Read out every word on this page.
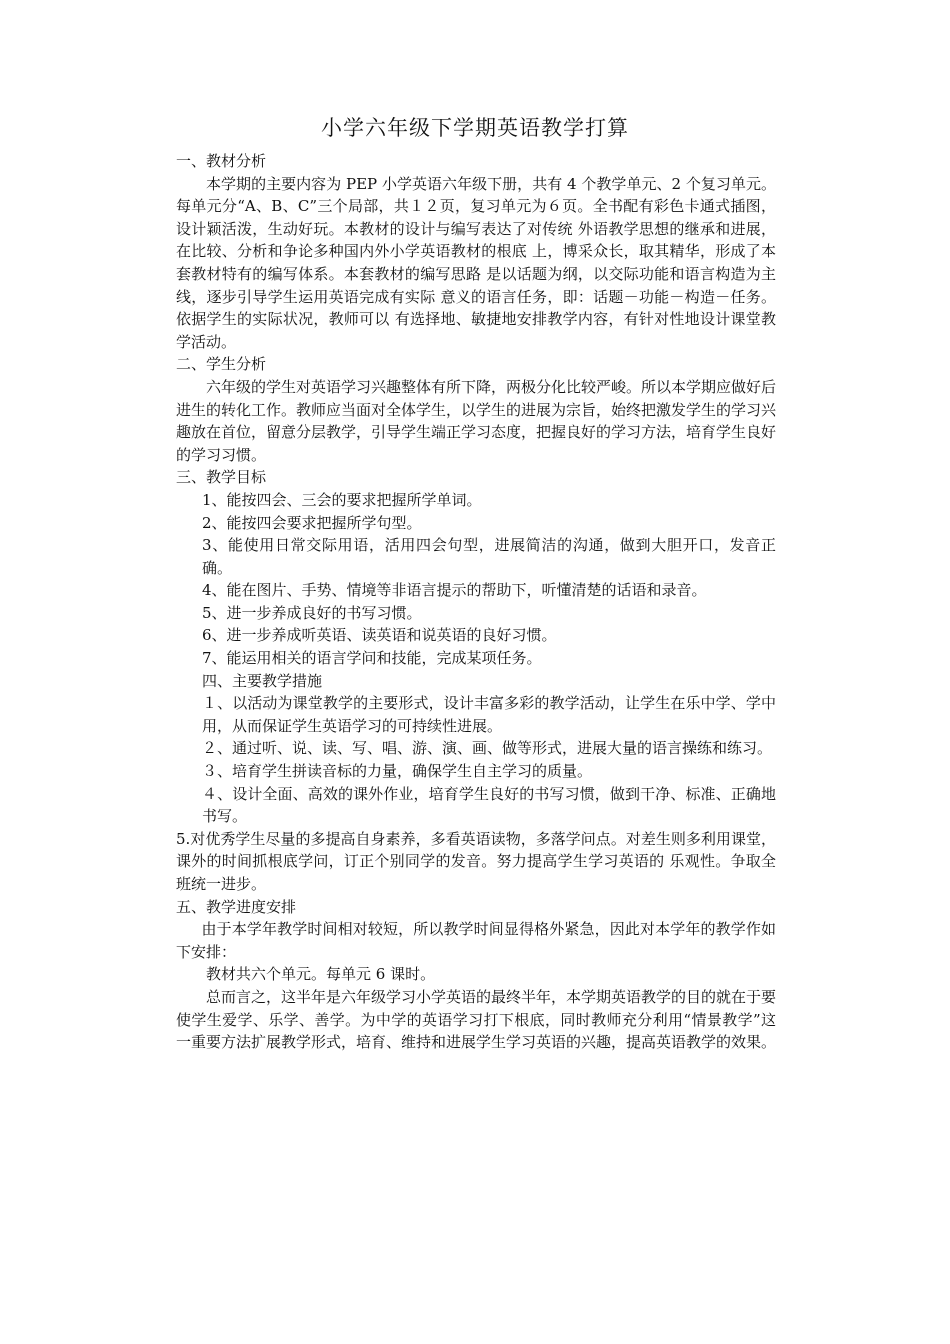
小学六年级下学期英语教学打算

一、教材分析

本学期的主要内容为 PEP 小学英语六年级下册，共有 4 个教学单元、2 个复习单元。每单元分“A、B、C”三个局部，共１２页，复习单元为６页。全书配有彩色卡通式插图，设计颖活泼，生动好玩。本教材的设计与编写表达了对传统 外语教学思想的继承和进展，在比较、分析和争论多种国内外小学英语教材的根底 上，博采众长，取其精华，形成了本套教材特有的编写体系。本套教材的编写思路 是以话题为纲，以交际功能和语言构造为主线，逐步引导学生运用英语完成有实际 意义的语言任务，即：话题－功能－构造－任务。依据学生的实际状况，教师可以 有选择地、敏捷地安排教学内容，有针对性地设计课堂教学活动。

二、学生分析

六年级的学生对英语学习兴趣整体有所下降，两极分化比较严峻。所以本学期应做好后进生的转化工作。教师应当面对全体学生，以学生的进展为宗旨，始终把激发学生的学习兴趣放在首位，留意分层教学，引导学生端正学习态度，把握良好的学习方法，培育学生良好的学习习惯。

三、教学目标

1、能按四会、三会的要求把握所学单词。

2、能按四会要求把握所学句型。

3、能使用日常交际用语，活用四会句型，进展简洁的沟通，做到大胆开口，发音正确。

4、能在图片、手势、情境等非语言提示的帮助下，听懂清楚的话语和录音。

5、进一步养成良好的书写习惯。

6、进一步养成听英语、读英语和说英语的良好习惯。

7、能运用相关的语言学问和技能，完成某项任务。

四、主要教学措施

１、以活动为课堂教学的主要形式，设计丰富多彩的教学活动，让学生在乐中学、学中用，从而保证学生英语学习的可持续性进展。

２、通过听、说、读、写、唱、游、演、画、做等形式，进展大量的语言操练和练习。

３、培育学生拼读音标的力量，确保学生自主学习的质量。

４、设计全面、高效的课外作业，培育学生良好的书写习惯，做到干净、标准、正确地书写。

5.对优秀学生尽量的多提高自身素养，多看英语读物，多落学问点。对差生则多利用课堂，课外的时间抓根底学问，订正个别同学的发音。努力提高学生学习英语的 乐观性。争取全班统一进步。

五、教学进度安排

由于本学年教学时间相对较短，所以教学时间显得格外紧急，因此对本学年的教学作如下安排：

教材共六个单元。每单元 6 课时。

总而言之，这半年是六年级学习小学英语的最终半年，本学期英语教学的目的就在于要使学生爱学、乐学、善学。为中学的英语学习打下根底，同时教师充分利用“情景教学”这一重要方法扩展教学形式，培育、维持和进展学生学习英语的兴趣，提高英语教学的效果。
